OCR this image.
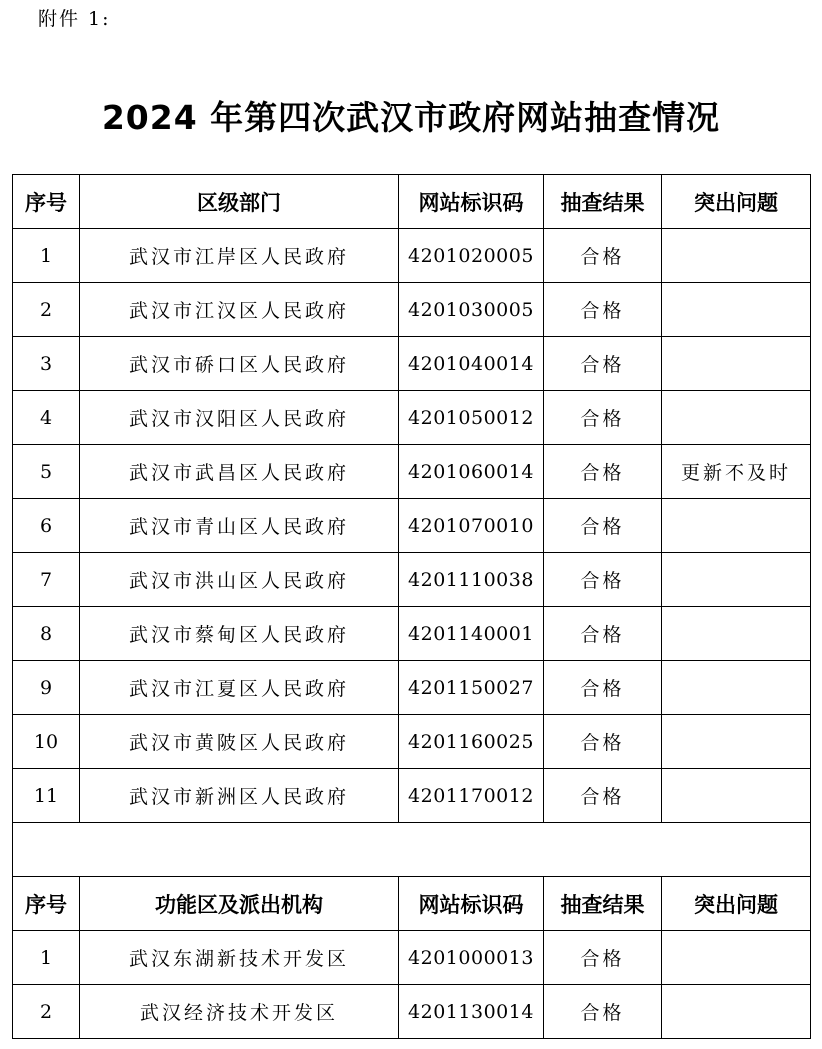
附件 1:
2024 年第四次武汉市政府网站抽查情况
序号	区级部门	网站标识码	抽查结果	突出问题
1	武汉市江岸区人民政府	4201020005	合格	
2	武汉市江汉区人民政府	4201030005	合格	
3	武汉市硚口区人民政府	4201040014	合格	
4	武汉市汉阳区人民政府	4201050012	合格	
5	武汉市武昌区人民政府	4201060014	合格	更新不及时
6	武汉市青山区人民政府	4201070010	合格	
7	武汉市洪山区人民政府	4201110038	合格	
8	武汉市蔡甸区人民政府	4201140001	合格	
9	武汉市江夏区人民政府	4201150027	合格	
10	武汉市黄陂区人民政府	4201160025	合格	
11	武汉市新洲区人民政府	4201170012	合格	

序号	功能区及派出机构	网站标识码	抽查结果	突出问题
1	武汉东湖新技术开发区	4201000013	合格	
2	武汉经济技术开发区	4201130014	合格	
